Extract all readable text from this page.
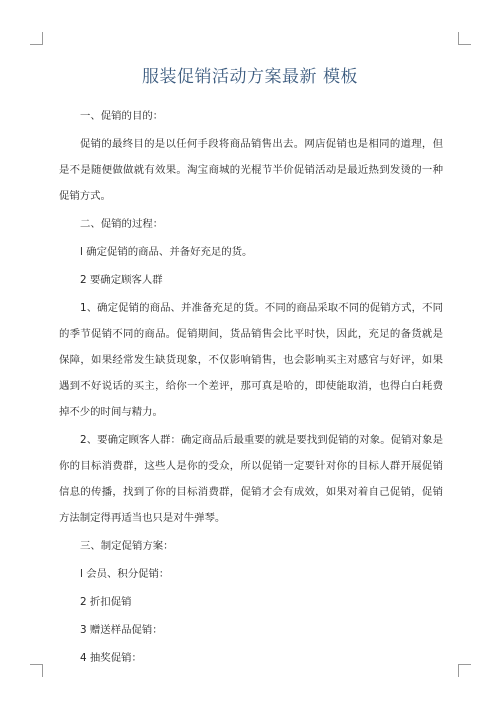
服装促销活动方案最新 模板

一、促销的目的：

促销的最终目的是以任何手段将商品销售出去。网店促销也是相同的道理，但是不是随便做做就有效果。淘宝商城的光棍节半价促销活动是最近热到发烫的一种促销方式。

二、促销的过程：

l 确定促销的商品、并备好充足的货。

2 要确定顾客人群

1、确定促销的商品、并准备充足的货。不同的商品采取不同的促销方式，不同的季节促销不同的商品。促销期间，货品销售会比平时快，因此，充足的备货就是保障，如果经常发生缺货现象，不仅影响销售，也会影响买主对感官与好评，如果遇到不好说话的买主，给你一个差评，那可真是哈的，即使能取消，也得白白耗费掉不少的时间与精力。

2、要确定顾客人群：确定商品后最重要的就是要找到促销的对象。促销对象是你的目标消费群，这些人是你的受众，所以促销一定要针对你的目标人群开展促销信息的传播，找到了你的目标消费群，促销才会有成效，如果对着自己促销，促销方法制定得再适当也只是对牛弹琴。

三、制定促销方案：

l 会员、积分促销：

2 折扣促销

3 赠送样品促销：

4 抽奖促销：
